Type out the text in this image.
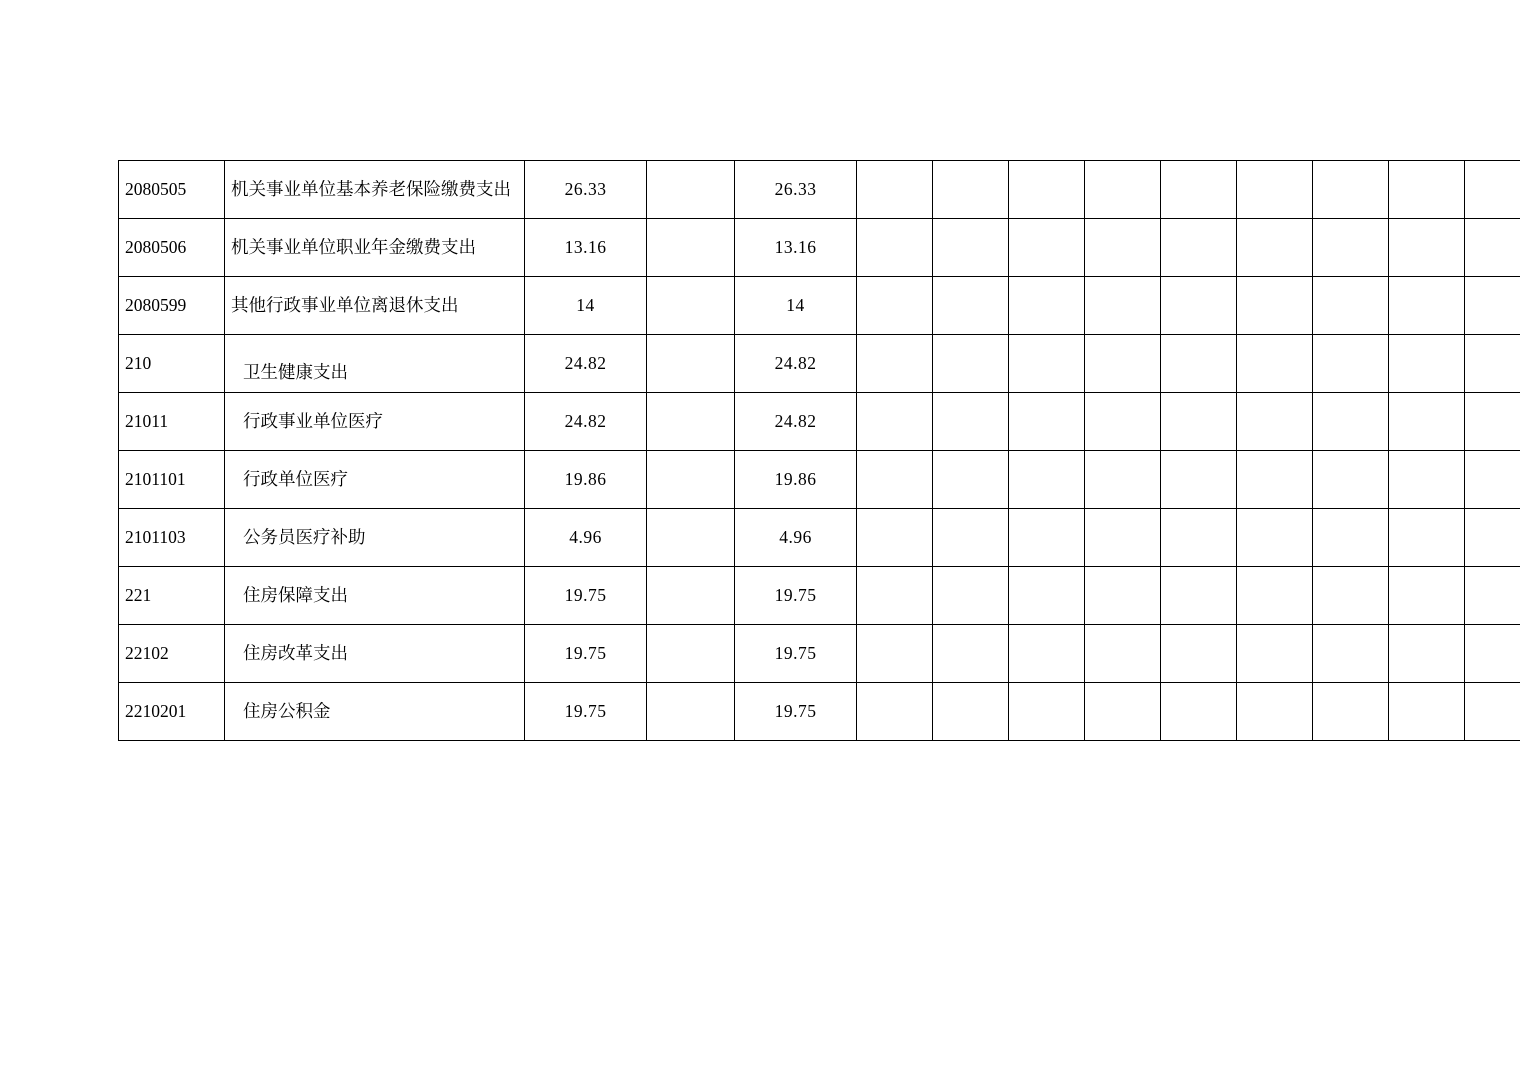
2080505	机关事业单位基本养老保险缴费支出	26.33		26.33									
2080506	机关事业单位职业年金缴费支出	13.16		13.16									
2080599	其他行政事业单位离退休支出	14		14									
210	卫生健康支出	24.82		24.82									
21011	行政事业单位医疗	24.82		24.82									
2101101	行政单位医疗	19.86		19.86									
2101103	公务员医疗补助	4.96		4.96									
221	住房保障支出	19.75		19.75									
22102	住房改革支出	19.75		19.75									
2210201	住房公积金	19.75		19.75									
